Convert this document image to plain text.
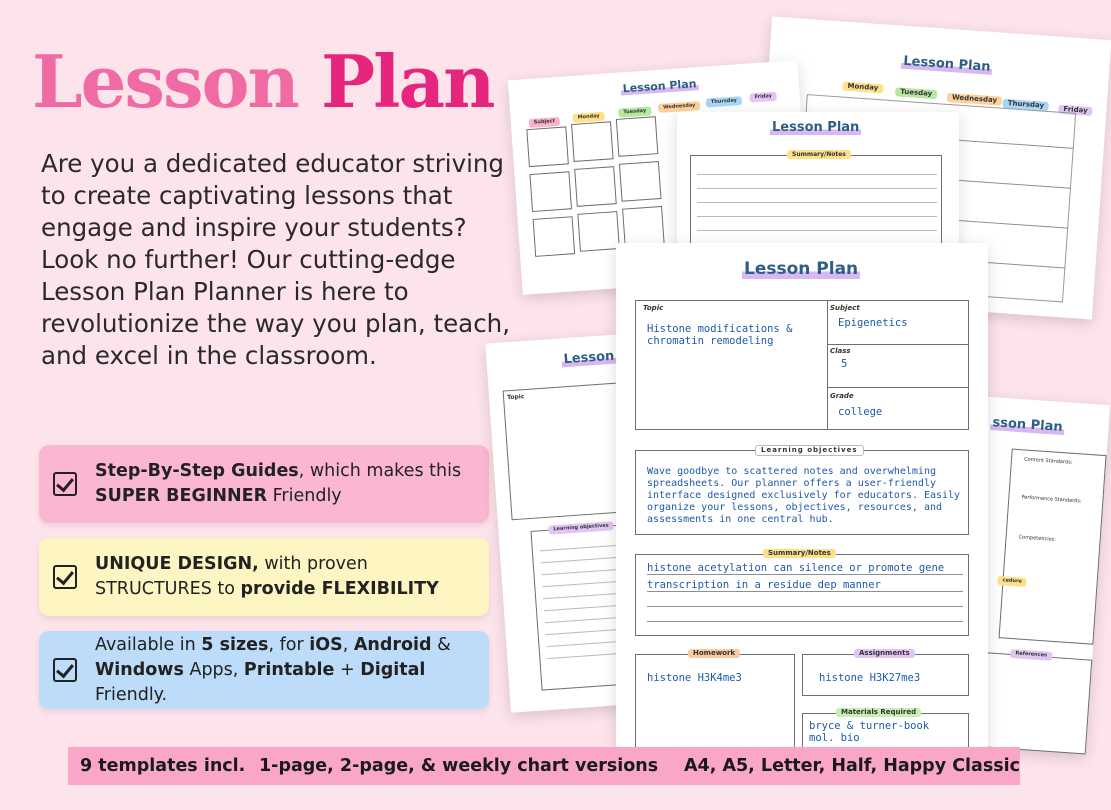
Lesson Plan

Are you a dedicated educator striving to create captivating lessons that engage and inspire your students? Look no further! Our cutting-edge Lesson Plan Planner is here to revolutionize the way you plan, teach, and excel in the classroom.

Step-By-Step Guides, which makes this SUPER BEGINNER Friendly
UNIQUE DESIGN, with proven STRUCTURES to provide FLEXIBILITY
Available in 5 sizes, for iOS, Android & Windows Apps, Printable + Digital Friendly.
Lesson Plan
Monday
Tuesday
Wednesday
Thursday
Friday
Lesson Plan
Subject
Monday
Tuesday
Wednesday
Thursday
Friday
Lesson Plan
Summary/Notes
Lesson
Topic
Learning objectives
sson Plan
Content Standards:
Performance Standards:
Competencies:
cedure
References
Lesson Plan
Topic
Histone modifications & chromatin remodeling
Subject
Epigenetics
Class
5
Grade
college
Learning objectives
Wave goodbye to scattered notes and overwhelming spreadsheets. Our planner offers a user-friendly interface designed exclusively for educators. Easily organize your lessons, objectives, resources, and assessments in one central hub.
Summary/Notes
histone acetylation can silence or promote gene
transcription in a residue dep manner
Homework
histone H3K4me3
Assignments
histone H3K27me3
Materials Required
bryce & turner-book mol. bio
9 templates incl. 1-page, 2-page, & weekly chart versions A4, A5, Letter, Half, Happy Classic
